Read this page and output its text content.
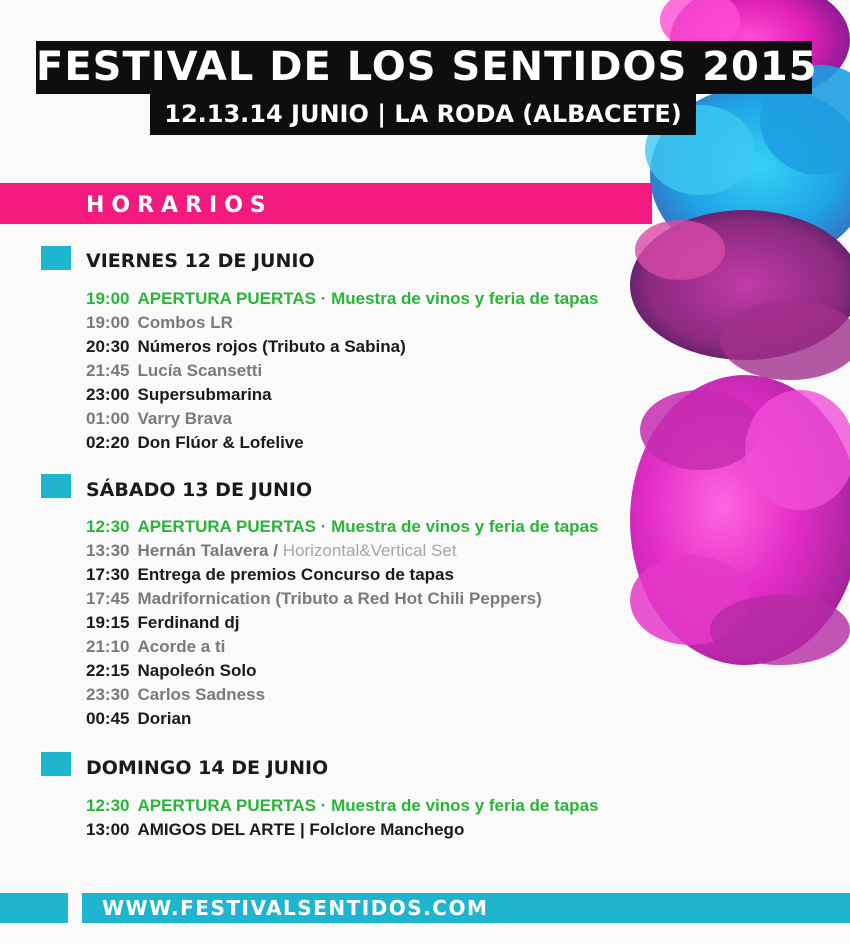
FESTIVAL DE LOS SENTIDOS 2015
12.13.14 JUNIO | LA RODA (ALBACETE)
HORARIOS
VIERNES 12 DE JUNIO
19:00 APERTURA PUERTAS · Muestra de vinos y feria de tapas
19:00 Combos LR
20:30 Números rojos (Tributo a Sabina)
21:45 Lucía Scansetti
23:00 Supersubmarina
01:00 Varry Brava
02:20 Don Flúor & Lofelive
SÁBADO 13 DE JUNIO
12:30 APERTURA PUERTAS · Muestra de vinos y feria de tapas
13:30 Hernán Talavera / Horizontal&Vertical Set
17:30 Entrega de premios Concurso de tapas
17:45 Madrifornication (Tributo a Red Hot Chili Peppers)
19:15 Ferdinand dj
21:10 Acorde a ti
22:15 Napoleón Solo
23:30 Carlos Sadness
00:45 Dorian
DOMINGO 14 DE JUNIO
12:30 APERTURA PUERTAS · Muestra de vinos y feria de tapas
13:00 AMIGOS DEL ARTE | Folclore Manchego
WWW.FESTIVALSENTIDOS.COM
